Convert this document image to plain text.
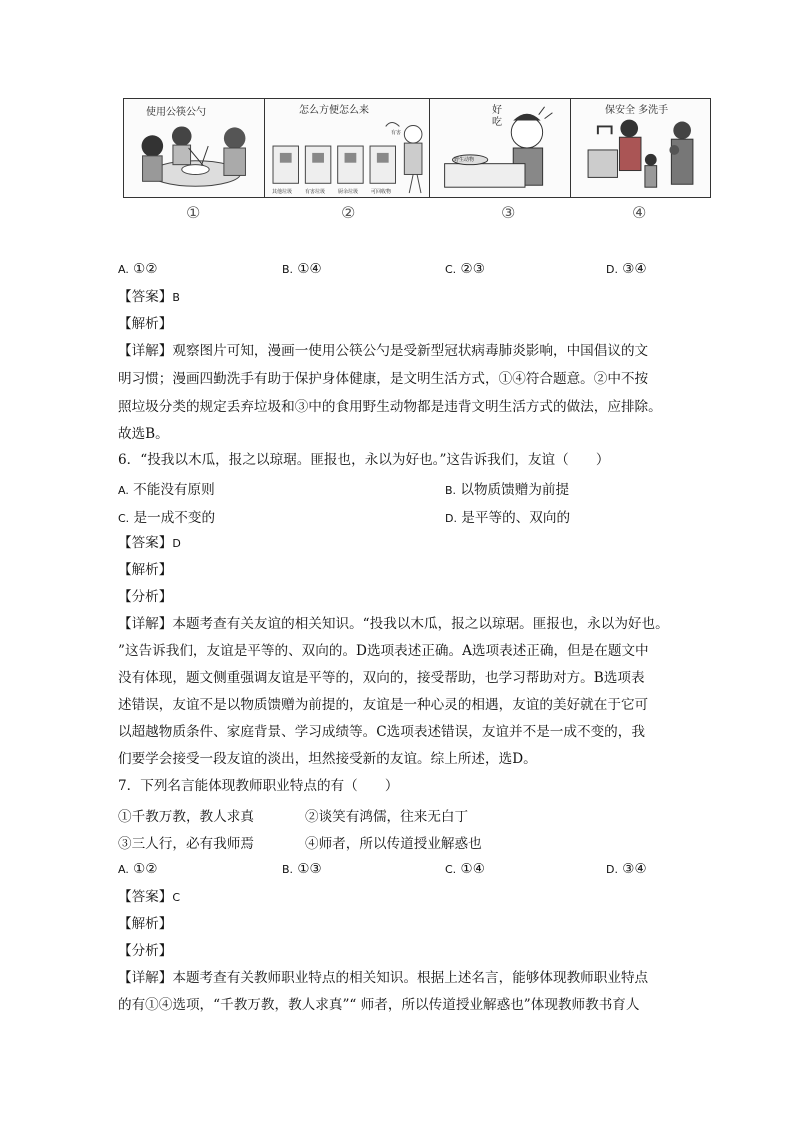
使用公筷公勺	怎么方便怎么来
有害
其他垃圾	有害垃圾	厨余垃圾	可回收物
好吃
野生动物
保安全 多洗手
①	②	③	④
A. ①②	B. ①④	C. ②③	D. ③④
【答案】B
【解析】
【详解】观察图片可知，漫画一使用公筷公勺是受新型冠状病毒肺炎影响，中国倡议的文
明习惯；漫画四勤洗手有助于保护身体健康，是文明生活方式，①④符合题意。②中不按
照垃圾分类的规定丢弃垃圾和③中的食用野生动物都是违背文明生活方式的做法，应排除。
故选B。
6．“投我以木瓜，报之以琼琚。匪报也，永以为好也。”这告诉我们，友谊（　　）
A. 不能没有原则	B. 以物质馈赠为前提
C. 是一成不变的	D. 是平等的、双向的
【答案】D
【解析】
【分析】
【详解】本题考查有关友谊的相关知识。“投我以木瓜，报之以琼琚。匪报也，永以为好也。
”这告诉我们，友谊是平等的、双向的。D选项表述正确。A选项表述正确，但是在题文中
没有体现，题文侧重强调友谊是平等的，双向的，接受帮助，也学习帮助对方。B选项表
述错误，友谊不是以物质馈赠为前提的，友谊是一种心灵的相遇，友谊的美好就在于它可
以超越物质条件、家庭背景、学习成绩等。C选项表述错误，友谊并不是一成不变的，我
们要学会接受一段友谊的淡出，坦然接受新的友谊。综上所述，选D。
7．下列名言能体现教师职业特点的有（　　）
①千教万教，教人求真	②谈笑有鸿儒，往来无白丁
③三人行，必有我师焉	④师者，所以传道授业解惑也
A. ①②	B. ①③	C. ①④	D. ③④
【答案】C
【解析】
【分析】
【详解】本题考查有关教师职业特点的相关知识。根据上述名言，能够体现教师职业特点
的有①④选项，“千教万教，教人求真”“ 师者，所以传道授业解惑也”体现教师教书育人
